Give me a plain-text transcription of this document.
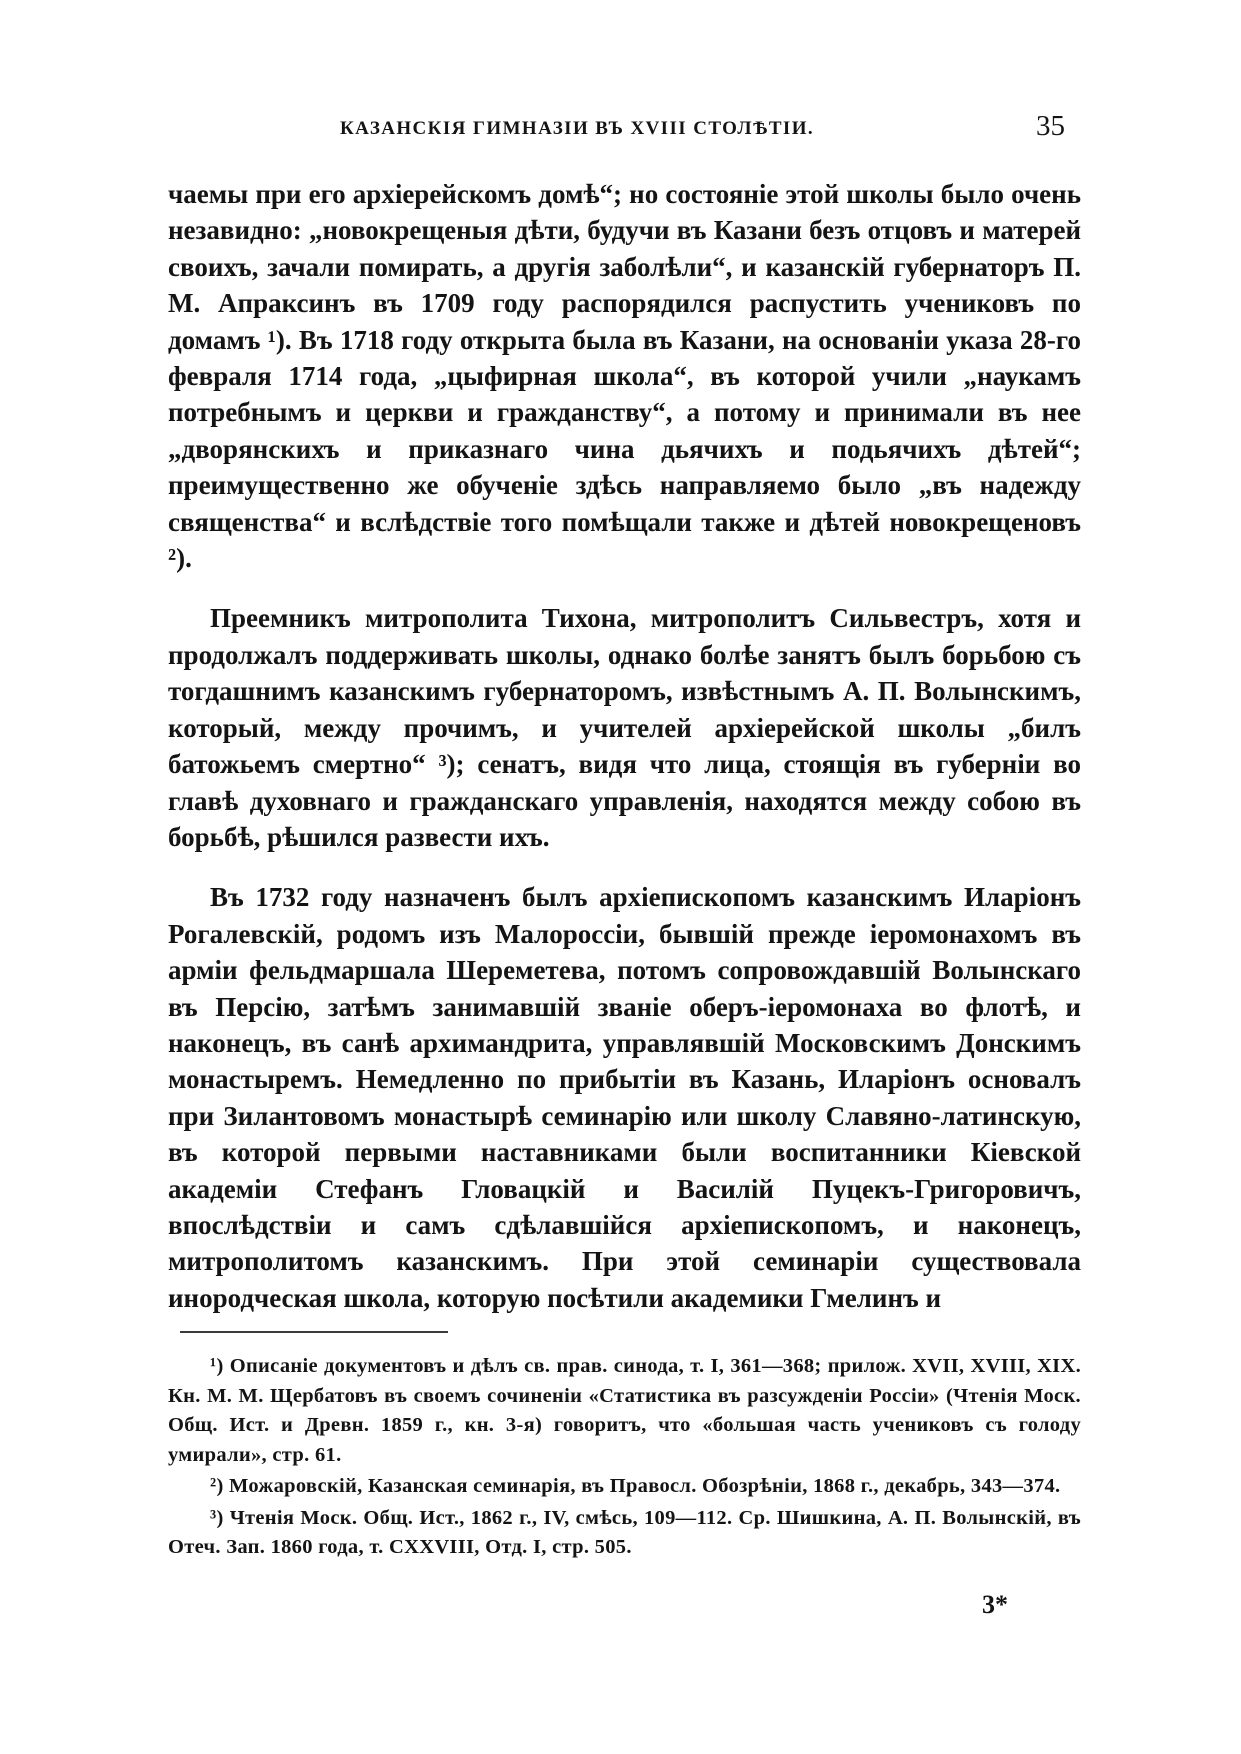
КАЗАНСКІЯ ГИМНАЗІИ ВЪ XVIII СТОЛѢТІИ.	35

чаемы при его архіерейскомъ домѣ“; но состояніе этой школы было очень незавидно: „новокрещеныя дѣти, будучи въ Казани безъ отцовъ и матерей своихъ, зачали помирать, а другія заболѣли“, и казанскій губернаторъ П. М. Апраксинъ въ 1709 году распорядился распустить учениковъ по домамъ ¹). Въ 1718 году открыта была въ Казани, на основаніи указа 28-го февраля 1714 года, „цыфирная школа“, въ которой учили „наукамъ потребнымъ и церкви и гражданству“, а потому и принимали въ нее „дворянскихъ и приказнаго чина дьячихъ и подьячихъ дѣтей“; преимущественно же обученіе здѣсь направляемо было „въ надежду священства“ и вслѣдствіе того помѣщали также и дѣтей новокрещеновъ ²).

Преемникъ митрополита Тихона, митрополитъ Сильвестръ, хотя и продолжалъ поддерживать школы, однако болѣе занятъ былъ борьбою съ тогдашнимъ казанскимъ губернаторомъ, извѣстнымъ А. П. Волынскимъ, который, между прочимъ, и учителей архіерейской школы „билъ батожьемъ смертно“ ³); сенатъ, видя что лица, стоящія въ губерніи во главѣ духовнаго и гражданскаго управленія, находятся между собою въ борьбѣ, рѣшился развести ихъ.

Въ 1732 году назначенъ былъ архіепископомъ казанскимъ Иларіонъ Рогалевскій, родомъ изъ Малороссіи, бывшій прежде іеромонахомъ въ арміи фельдмаршала Шереметева, потомъ сопровождавшій Волынскаго въ Персію, затѣмъ занимавшій званіе оберъ-іеромонаха во флотѣ, и наконецъ, въ санѣ архимандрита, управлявшій Московскимъ Донскимъ монастыремъ. Немедленно по прибытіи въ Казань, Иларіонъ основалъ при Зилантовомъ монастырѣ семинарію или школу Славяно-латинскую, въ которой первыми наставниками были воспитанники Кіевской академіи Стефанъ Гловацкій и Василій Пуцекъ-Григоровичъ, впослѣдствіи и самъ сдѣлавшійся архіепископомъ, и наконецъ, митрополитомъ казанскимъ. При этой семинаріи существовала инородческая школа, которую посѣтили академики Гмелинъ и

¹) Описаніе документовъ и дѣлъ св. прав. синода, т. I, 361—368; прилож. XVII, XVIII, XIX. Кн. М. М. Щербатовъ въ своемъ сочиненіи «Статистика въ разсужденіи Россіи» (Чтенія Моск. Общ. Ист. и Древн. 1859 г., кн. 3-я) говоритъ, что «большая часть учениковъ съ голоду умирали», стр. 61.

²) Можаровскій, Казанская семинарія, въ Правосл. Обозрѣніи, 1868 г., декабрь, 343—374.

³) Чтенія Моск. Общ. Ист., 1862 г., IV, смѣсь, 109—112. Ср. Шишкина, А. П. Волынскій, въ Отеч. Зап. 1860 года, т. CXXVIII, Отд. I, стр. 505.

3*
